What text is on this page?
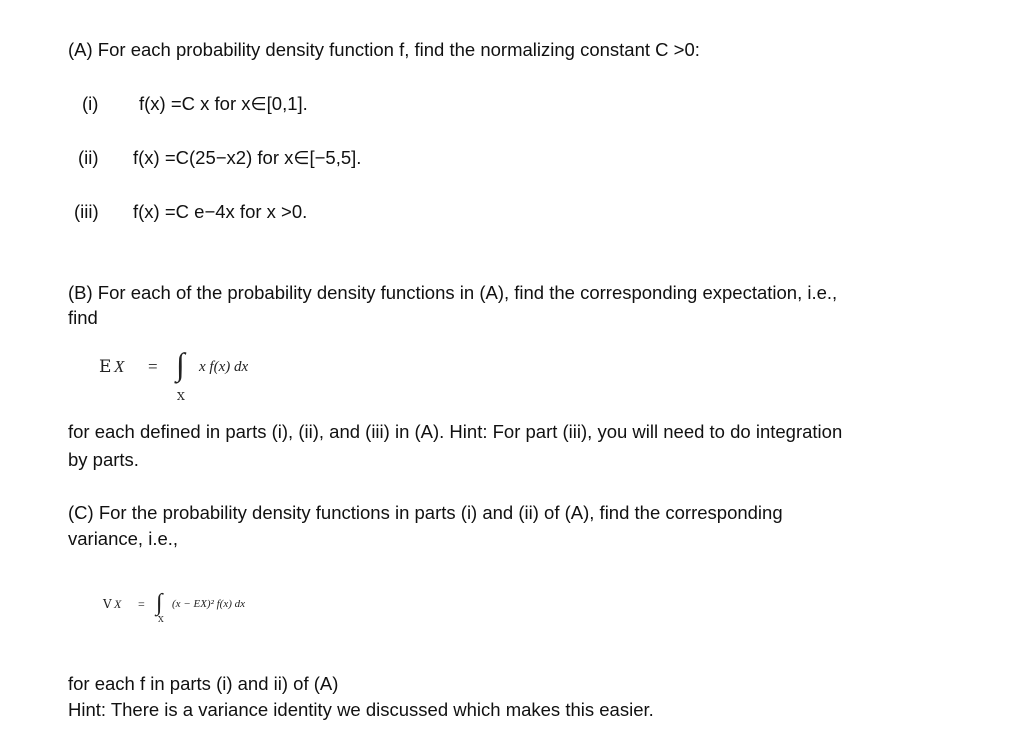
(A) For each probability density function f, find the normalizing constant C >0:
(i) f(x) =C x for x∈[0,1].
(ii) f(x) =C(25−x2) for x∈[−5,5].
(iii) f(x) =C e−4x for x >0.
(B) For each of the probability density functions in (A), find the corresponding expectation, i.e.,
find
E X = ∫ x f(x) dx
X
for each defined in parts (i), (ii), and (iii) in (A). Hint: For part (iii), you will need to do integration
by parts.
(C) For the probability density functions in parts (i) and (ii) of (A), find the corresponding
variance, i.e.,
V X = ∫ (x − EX)² f(x) dx
X
for each f in parts (i) and ii) of (A)
Hint: There is a variance identity we discussed which makes this easier.
